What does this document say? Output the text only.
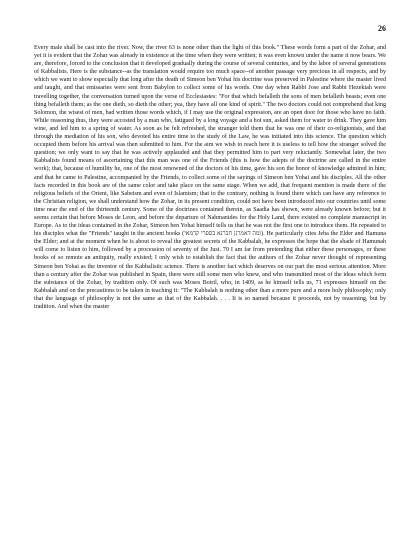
26

Every male shall be cast into the river. Now, the river 63 is none other than the light of this book." These words form a part of the Zohar, and yet it is evident that the Zohar was already in existence at the time when they were written; it was even known under the name it now bears. We are, therefore, forced to the conclusion that it developed gradually during the course of several centuries, and by the labor of several generations of Kabbalists. Here is the substance--as the translation would require too much space--of another passage very precious in all respects, and by which we want to show especially that long after the death of Simeon ben Yohai his doctrine was preserved in Palestine where the master lived and taught, and that emissaries were sent from Babylon to collect some of his words. One day when Rabbi Jose and Rabbi Hezekiah were travelling together, the conversation turned upon the verse of Ecclesiastes: "For that which befalleth the sons of men befalleth beasts; even one thing befalleth them; as the one dieth, so dieth the other; yea, they have all one kind of spirit." The two doctors could not comprehend that king Solomon, the wisest of men, had written those words which, if I may use the original expression, are an open door for those who have no faith. While reasoning thus, they were accosted by a man who, fatigued by a long voyage and a hot sun, asked them for water to drink. They gave him wine, and led him to a spring of water. As soon as he felt refreshed, the stranger told them that he was one of their co-religionists, and that through the mediation of his son, who devoted his entire time to the study of the Law, he was initiated into this science. The question which occupied them before his arrival was then submitted to him. For the aim we wish to reach here it is useless to tell how the stranger solved the question; we only want to say that he was actively applauded and that they permitted him to part very reluctantly. Somewhat later, the two Kabbalists found means of ascertaining that this man was one of the Friends (this is how the adepts of the doctrine are called in the entire work); that, because of humility he, one of the most renowned of the doctors of his time, gave his son the honor of knowledge admired in him; and that he came to Palestine, accompanied by the Friends, to collect some of the sayings of Simeon ben Yohai and his disciples. All the other facts recorded in this book are of the same color and take place on the same stage. When we add, that frequent mention is made there of the religious beliefs of the Orient, like Sabeism and even of Islamism; that to the contrary, nothing is found there which can have any reference to the Christian religion, we shall understand how the Zohar, in its present condition, could not have been introduced into our countries until some time near the end of the thirteenth century. Some of the doctrines contained therein, as Saadia has shown, were already known before; but it seems certain that before Moses de Leon, and before the departure of Nahmanides for the Holy Land, there existed no complete manuscript in Europe. As to the ideas contained in the Zohar, Simeon ben Yohai himself tells us that he was not the first one to introduce them. He repeated to his disciples what the "Friends" taught in the ancient books (ומה דאמרנן חברנא בספרי קדמאי). He particularly cites Jeba the Elder and Hamuna the Elder; and at the moment when he is about to reveal the greatest secrets of the Kabbalah, he expresses the hope that the shade of Hamunah will come to listen to him, followed by a procession of seventy of the Just. 70 I am far from pretending that either these personages, or these books of so remote an antiquity, really existed; I only wish to establish the fact that the authors of the Zohar never thought of representing Simeon ben Yohai as the inventor of the Kabbalistic science. There is another fact which deserves on our part the most serious attention. More than a century after the Zohar was published in Spain, there were still some men who knew, and who transmitted most of the ideas which form the substance of the Zohar, by tradition only. Of such was Moses Botril, who, in 1409, as he himself tells us, 71 expresses himself on the Kabbalah and on the precautions to be taken in teaching it: "The Kabbalah is nothing other than a more pure and a more holy philosophy; only that the language of philosophy is not the same as that of the Kabbalah. . . . It is so named because it proceeds, not by reasoning, but by tradition. And when the master
